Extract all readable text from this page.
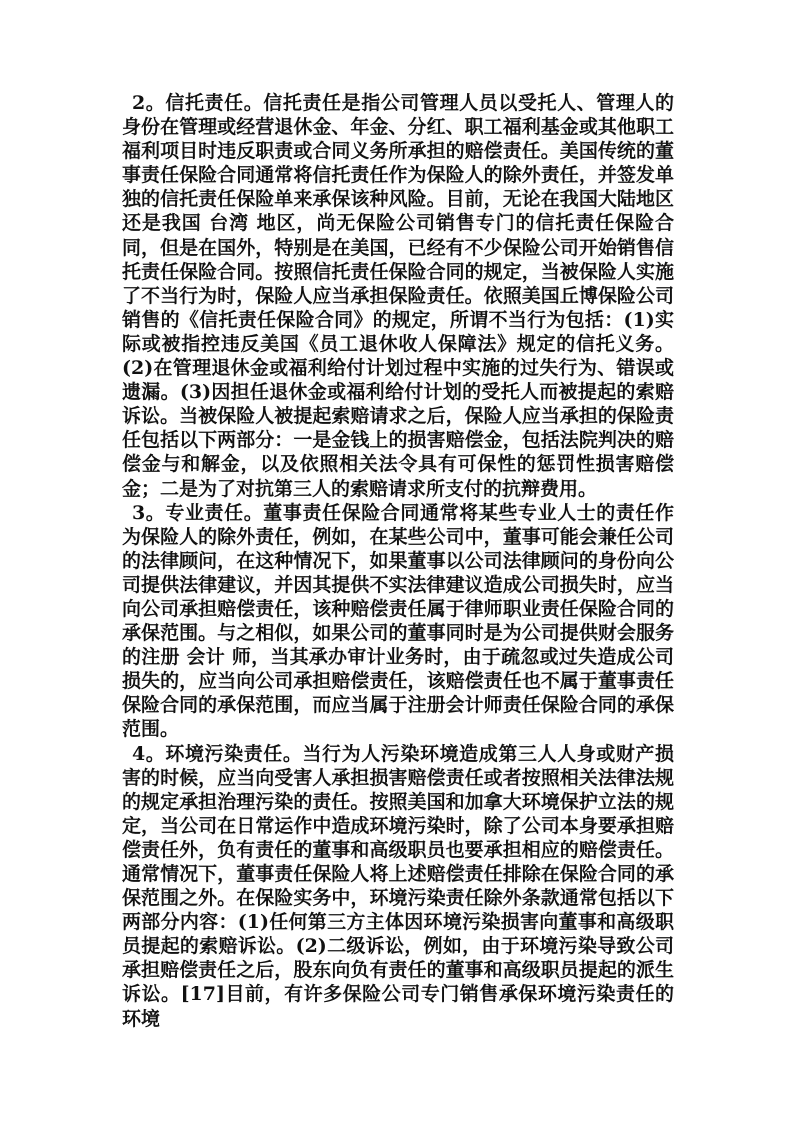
2。信托责任。信托责任是指公司管理人员以受托人、管理人的身份在管理或经营退休金、年金、分红、职工福利基金或其他职工福利项目时违反职责或合同义务所承担的赔偿责任。美国传统的董事责任保险合同通常将信托责任作为保险人的除外责任，并签发单独的信托责任保险单来承保该种风险。目前，无论在我国大陆地区还是我国 台湾 地区，尚无保险公司销售专门的信托责任保险合同，但是在国外，特别是在美国，已经有不少保险公司开始销售信托责任保险合同。按照信托责任保险合同的规定，当被保险人实施了不当行为时，保险人应当承担保险责任。依照美国丘博保险公司销售的《信托责任保险合同》的规定，所谓不当行为包括：(1)实际或被指控违反美国《员工退休收人保障法》规定的信托义务。(2)在管理退休金或福利给付计划过程中实施的过失行为、错误或遗漏。(3)因担任退休金或福利给付计划的受托人而被提起的索赔诉讼。当被保险人被提起索赔请求之后，保险人应当承担的保险责任包括以下两部分：一是金钱上的损害赔偿金，包括法院判决的赔偿金与和解金，以及依照相关法令具有可保性的惩罚性损害赔偿金；二是为了对抗第三人的索赔请求所支付的抗辩费用。

3。专业责任。董事责任保险合同通常将某些专业人士的责任作为保险人的除外责任，例如，在某些公司中，董事可能会兼任公司的法律顾问，在这种情况下，如果董事以公司法律顾问的身份向公司提供法律建议，并因其提供不实法律建议造成公司损失时，应当向公司承担赔偿责任，该种赔偿责任属于律师职业责任保险合同的承保范围。与之相似，如果公司的董事同时是为公司提供财会服务的注册 会计 师，当其承办审计业务时，由于疏忽或过失造成公司损失的，应当向公司承担赔偿责任，该赔偿责任也不属于董事责任保险合同的承保范围，而应当属于注册会计师责任保险合同的承保范围。

4。环境污染责任。当行为人污染环境造成第三人人身或财产损害的时候，应当向受害人承担损害赔偿责任或者按照相关法律法规的规定承担治理污染的责任。按照美国和加拿大环境保护立法的规定，当公司在日常运作中造成环境污染时，除了公司本身要承担赔偿责任外，负有责任的董事和高级职员也要承担相应的赔偿责任。通常情况下，董事责任保险人将上述赔偿责任排除在保险合同的承保范围之外。在保险实务中，环境污染责任除外条款通常包括以下两部分内容：(1)任何第三方主体因环境污染损害向董事和高级职员提起的索赔诉讼。(2)二级诉讼，例如，由于环境污染导致公司承担赔偿责任之后，股东向负有责任的董事和高级职员提起的派生诉讼。[17]目前，有许多保险公司专门销售承保环境污染责任的环境
